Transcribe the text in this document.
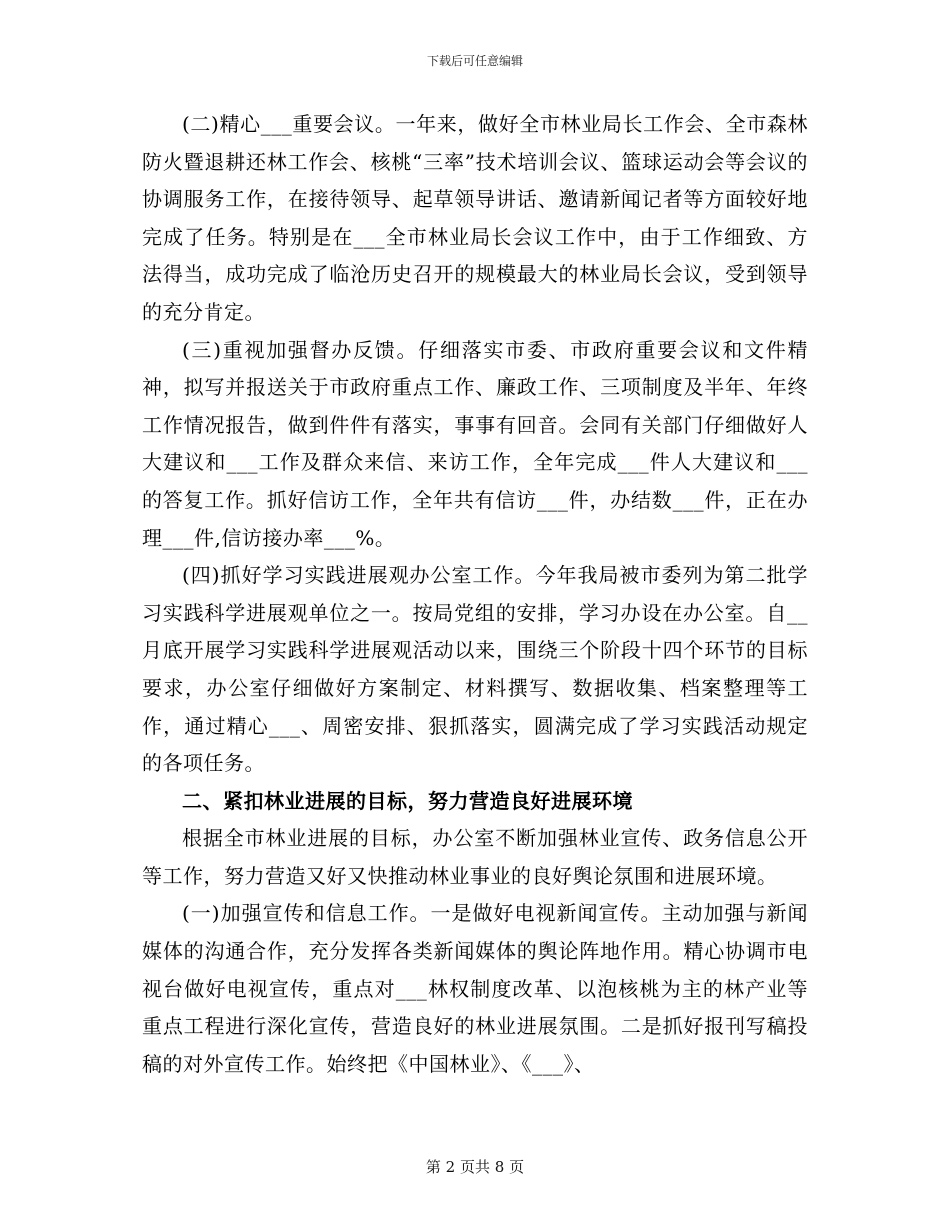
下载后可任意编辑

(二)精心___重要会议。一年来，做好全市林业局长工作会、全市森林防火暨退耕还林工作会、核桃“三率”技术培训会议、篮球运动会等会议的协调服务工作，在接待领导、起草领导讲话、邀请新闻记者等方面较好地完成了任务。特别是在___全市林业局长会议工作中，由于工作细致、方法得当，成功完成了临沧历史召开的规模最大的林业局长会议，受到领导的充分肯定。

(三)重视加强督办反馈。仔细落实市委、市政府重要会议和文件精神，拟写并报送关于市政府重点工作、廉政工作、三项制度及半年、年终工作情况报告，做到件件有落实，事事有回音。会同有关部门仔细做好人大建议和___工作及群众来信、来访工作，全年完成___件人大建议和___的答复工作。抓好信访工作，全年共有信访___件，办结数___件，正在办理___件,信访接办率___%。

(四)抓好学习实践进展观办公室工作。今年我局被市委列为第二批学习实践科学进展观单位之一。按局党组的安排，学习办设在办公室。自__月底开展学习实践科学进展观活动以来，围绕三个阶段十四个环节的目标要求，办公室仔细做好方案制定、材料撰写、数据收集、档案整理等工作，通过精心___、周密安排、狠抓落实，圆满完成了学习实践活动规定的各项任务。

二、紧扣林业进展的目标，努力营造良好进展环境

根据全市林业进展的目标，办公室不断加强林业宣传、政务信息公开等工作，努力营造又好又快推动林业事业的良好舆论氛围和进展环境。

(一)加强宣传和信息工作。一是做好电视新闻宣传。主动加强与新闻媒体的沟通合作，充分发挥各类新闻媒体的舆论阵地作用。精心协调市电视台做好电视宣传，重点对___林权制度改革、以泡核桃为主的林产业等重点工程进行深化宣传，营造良好的林业进展氛围。二是抓好报刊写稿投稿的对外宣传工作。始终把《中国林业》、《___》、

第 2 页共 8 页
